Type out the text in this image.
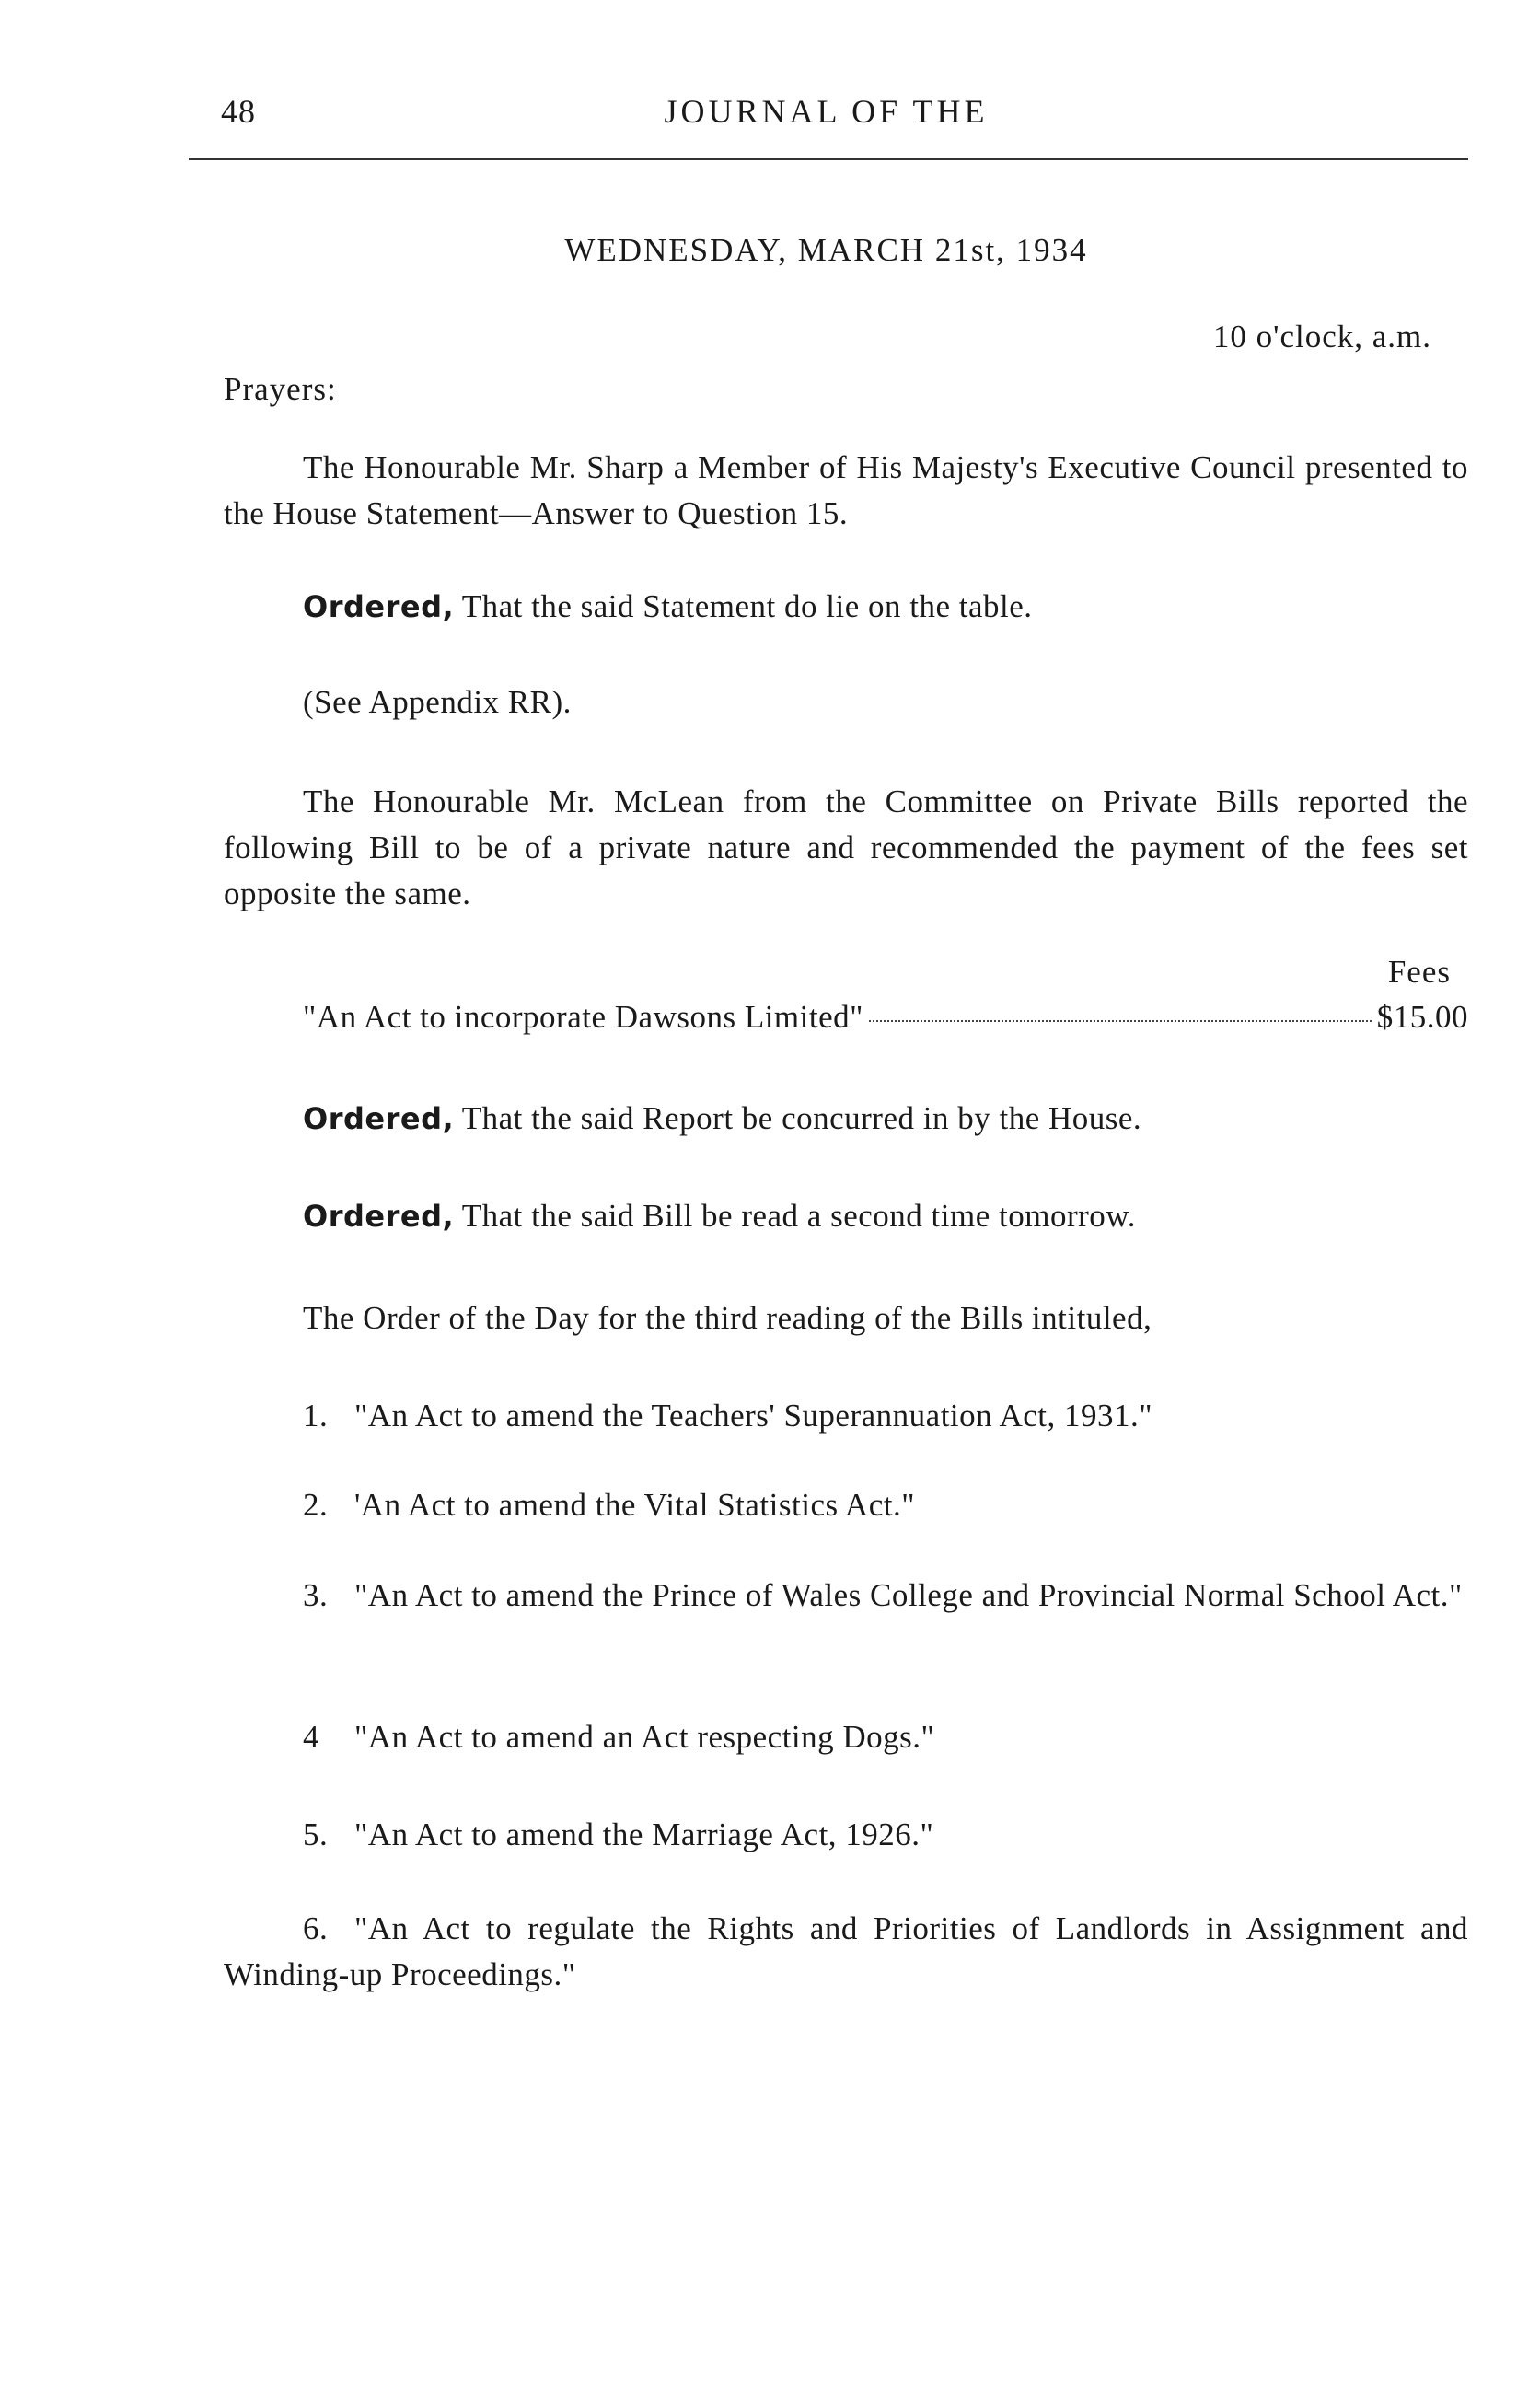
48	JOURNAL OF THE
WEDNESDAY, MARCH 21st, 1934
10 o'clock, a.m.
Prayers:

The Honourable Mr. Sharp a Member of His Majesty's Executive Council presented to the House Statement—Answer to Question 15.

Ordered, That the said Statement do lie on the table.

(See Appendix RR).

The Honourable Mr. McLean from the Committee on Private Bills reported the following Bill to be of a private nature and recommended the payment of the fees set opposite the same.

Fees
"An Act to incorporate Dawsons Limited"	$15.00

Ordered, That the said Report be concurred in by the House.

Ordered, That the said Bill be read a second time tomorrow.

The Order of the Day for the third reading of the Bills intituled,

1. "An Act to amend the Teachers' Superannuation Act, 1931."

2. 'An Act to amend the Vital Statistics Act."

3. "An Act to amend the Prince of Wales College and Provincial Normal School Act."

4 "An Act to amend an Act respecting Dogs."

5. "An Act to amend the Marriage Act, 1926."

6. "An Act to regulate the Rights and Priorities of Landlords in Assignment and Winding-up Proceedings."
